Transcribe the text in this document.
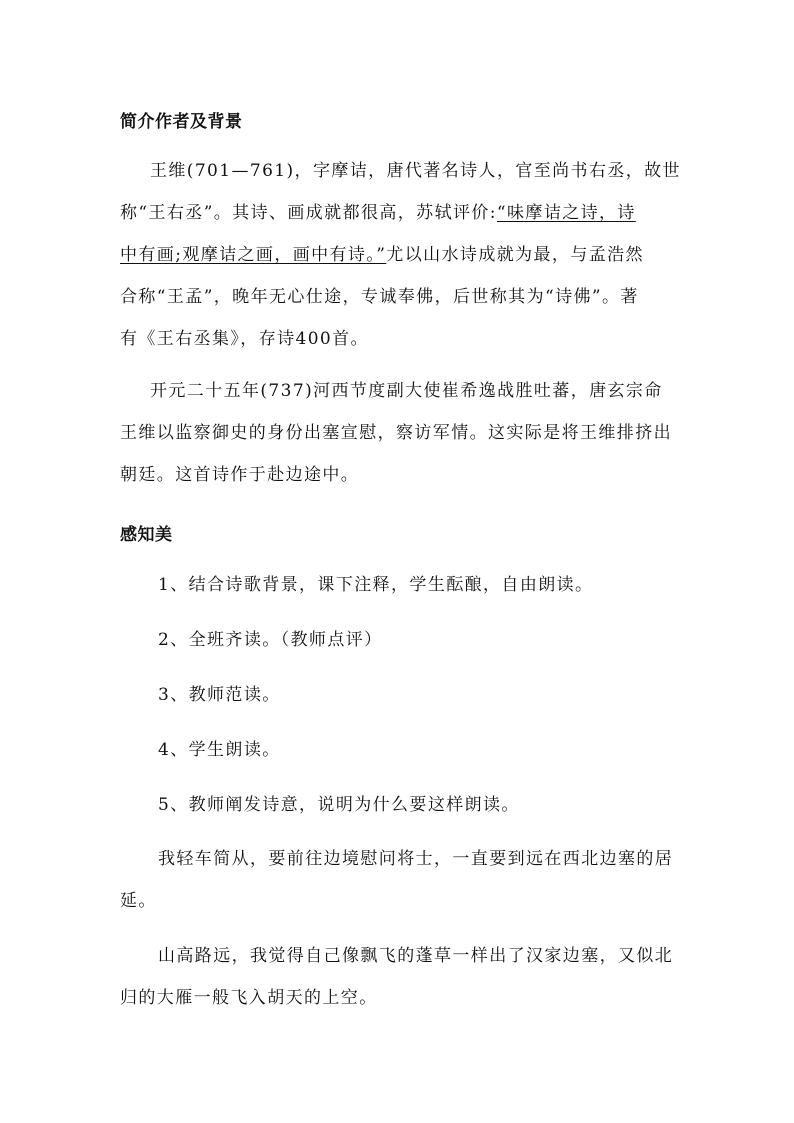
简介作者及背景
王维(701—761)，字摩诘，唐代著名诗人，官至尚书右丞，故世
称“王右丞”。其诗、画成就都很高，苏轼评价:“味摩诘之诗，诗
中有画;观摩诘之画，画中有诗。”尤以山水诗成就为最，与孟浩然
合称“王孟”，晚年无心仕途，专诚奉佛，后世称其为“诗佛”。著
有《王右丞集》，存诗400首。
开元二十五年(737)河西节度副大使崔希逸战胜吐蕃，唐玄宗命
王维以监察御史的身份出塞宣慰，察访军情。这实际是将王维排挤出
朝廷。这首诗作于赴边途中。
感知美
1、结合诗歌背景，课下注释，学生酝酿，自由朗读。
2、全班齐读。（教师点评）
3、教师范读。
4、学生朗读。
5、教师阐发诗意，说明为什么要这样朗读。
我轻车简从，要前往边境慰问将士，一直要到远在西北边塞的居
延。
山高路远，我觉得自己像飘飞的蓬草一样出了汉家边塞，又似北
归的大雁一般飞入胡天的上空。
